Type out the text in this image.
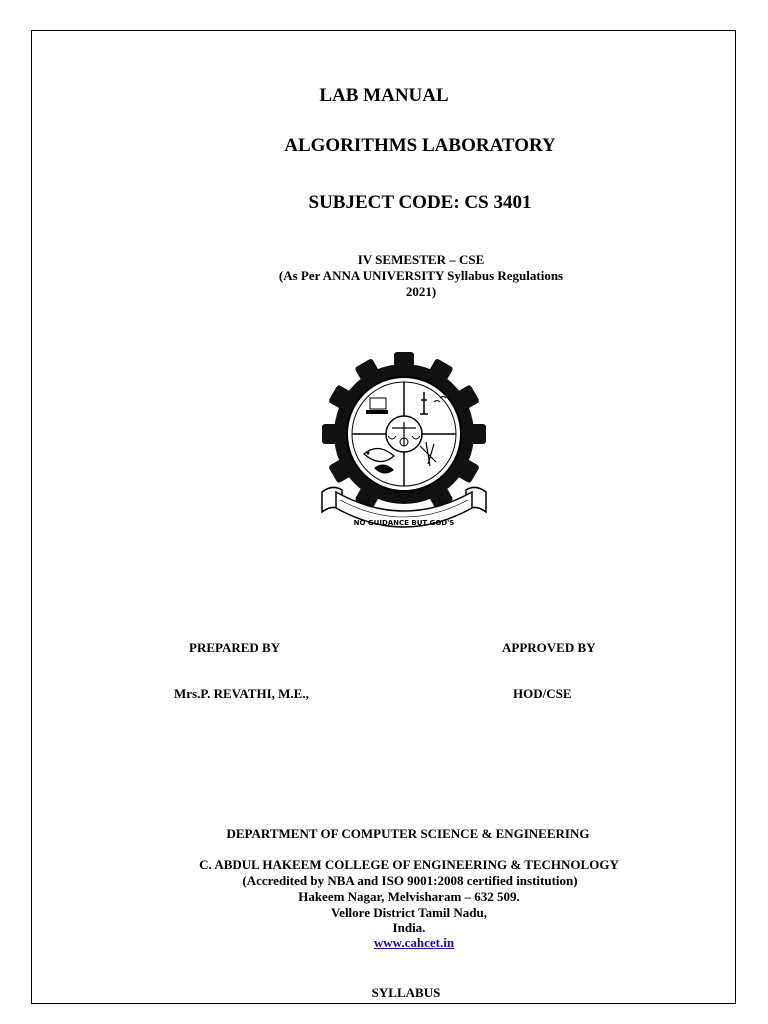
LAB MANUAL
ALGORITHMS LABORATORY
SUBJECT CODE: CS 3401
IV SEMESTER – CSE
(As Per ANNA UNIVERSITY Syllabus Regulations
2021)
NO GUIDANCE BUT GOD'S
PREPARED BY	APPROVED BY
Mrs.P. REVATHI, M.E.,	HOD/CSE
DEPARTMENT OF COMPUTER SCIENCE & ENGINEERING
C. ABDUL HAKEEM COLLEGE OF ENGINEERING & TECHNOLOGY
(Accredited by NBA and ISO 9001:2008 certified institution)
Hakeem Nagar, Melvisharam – 632 509.
Vellore District Tamil Nadu,
India.
www.cahcet.in
SYLLABUS
